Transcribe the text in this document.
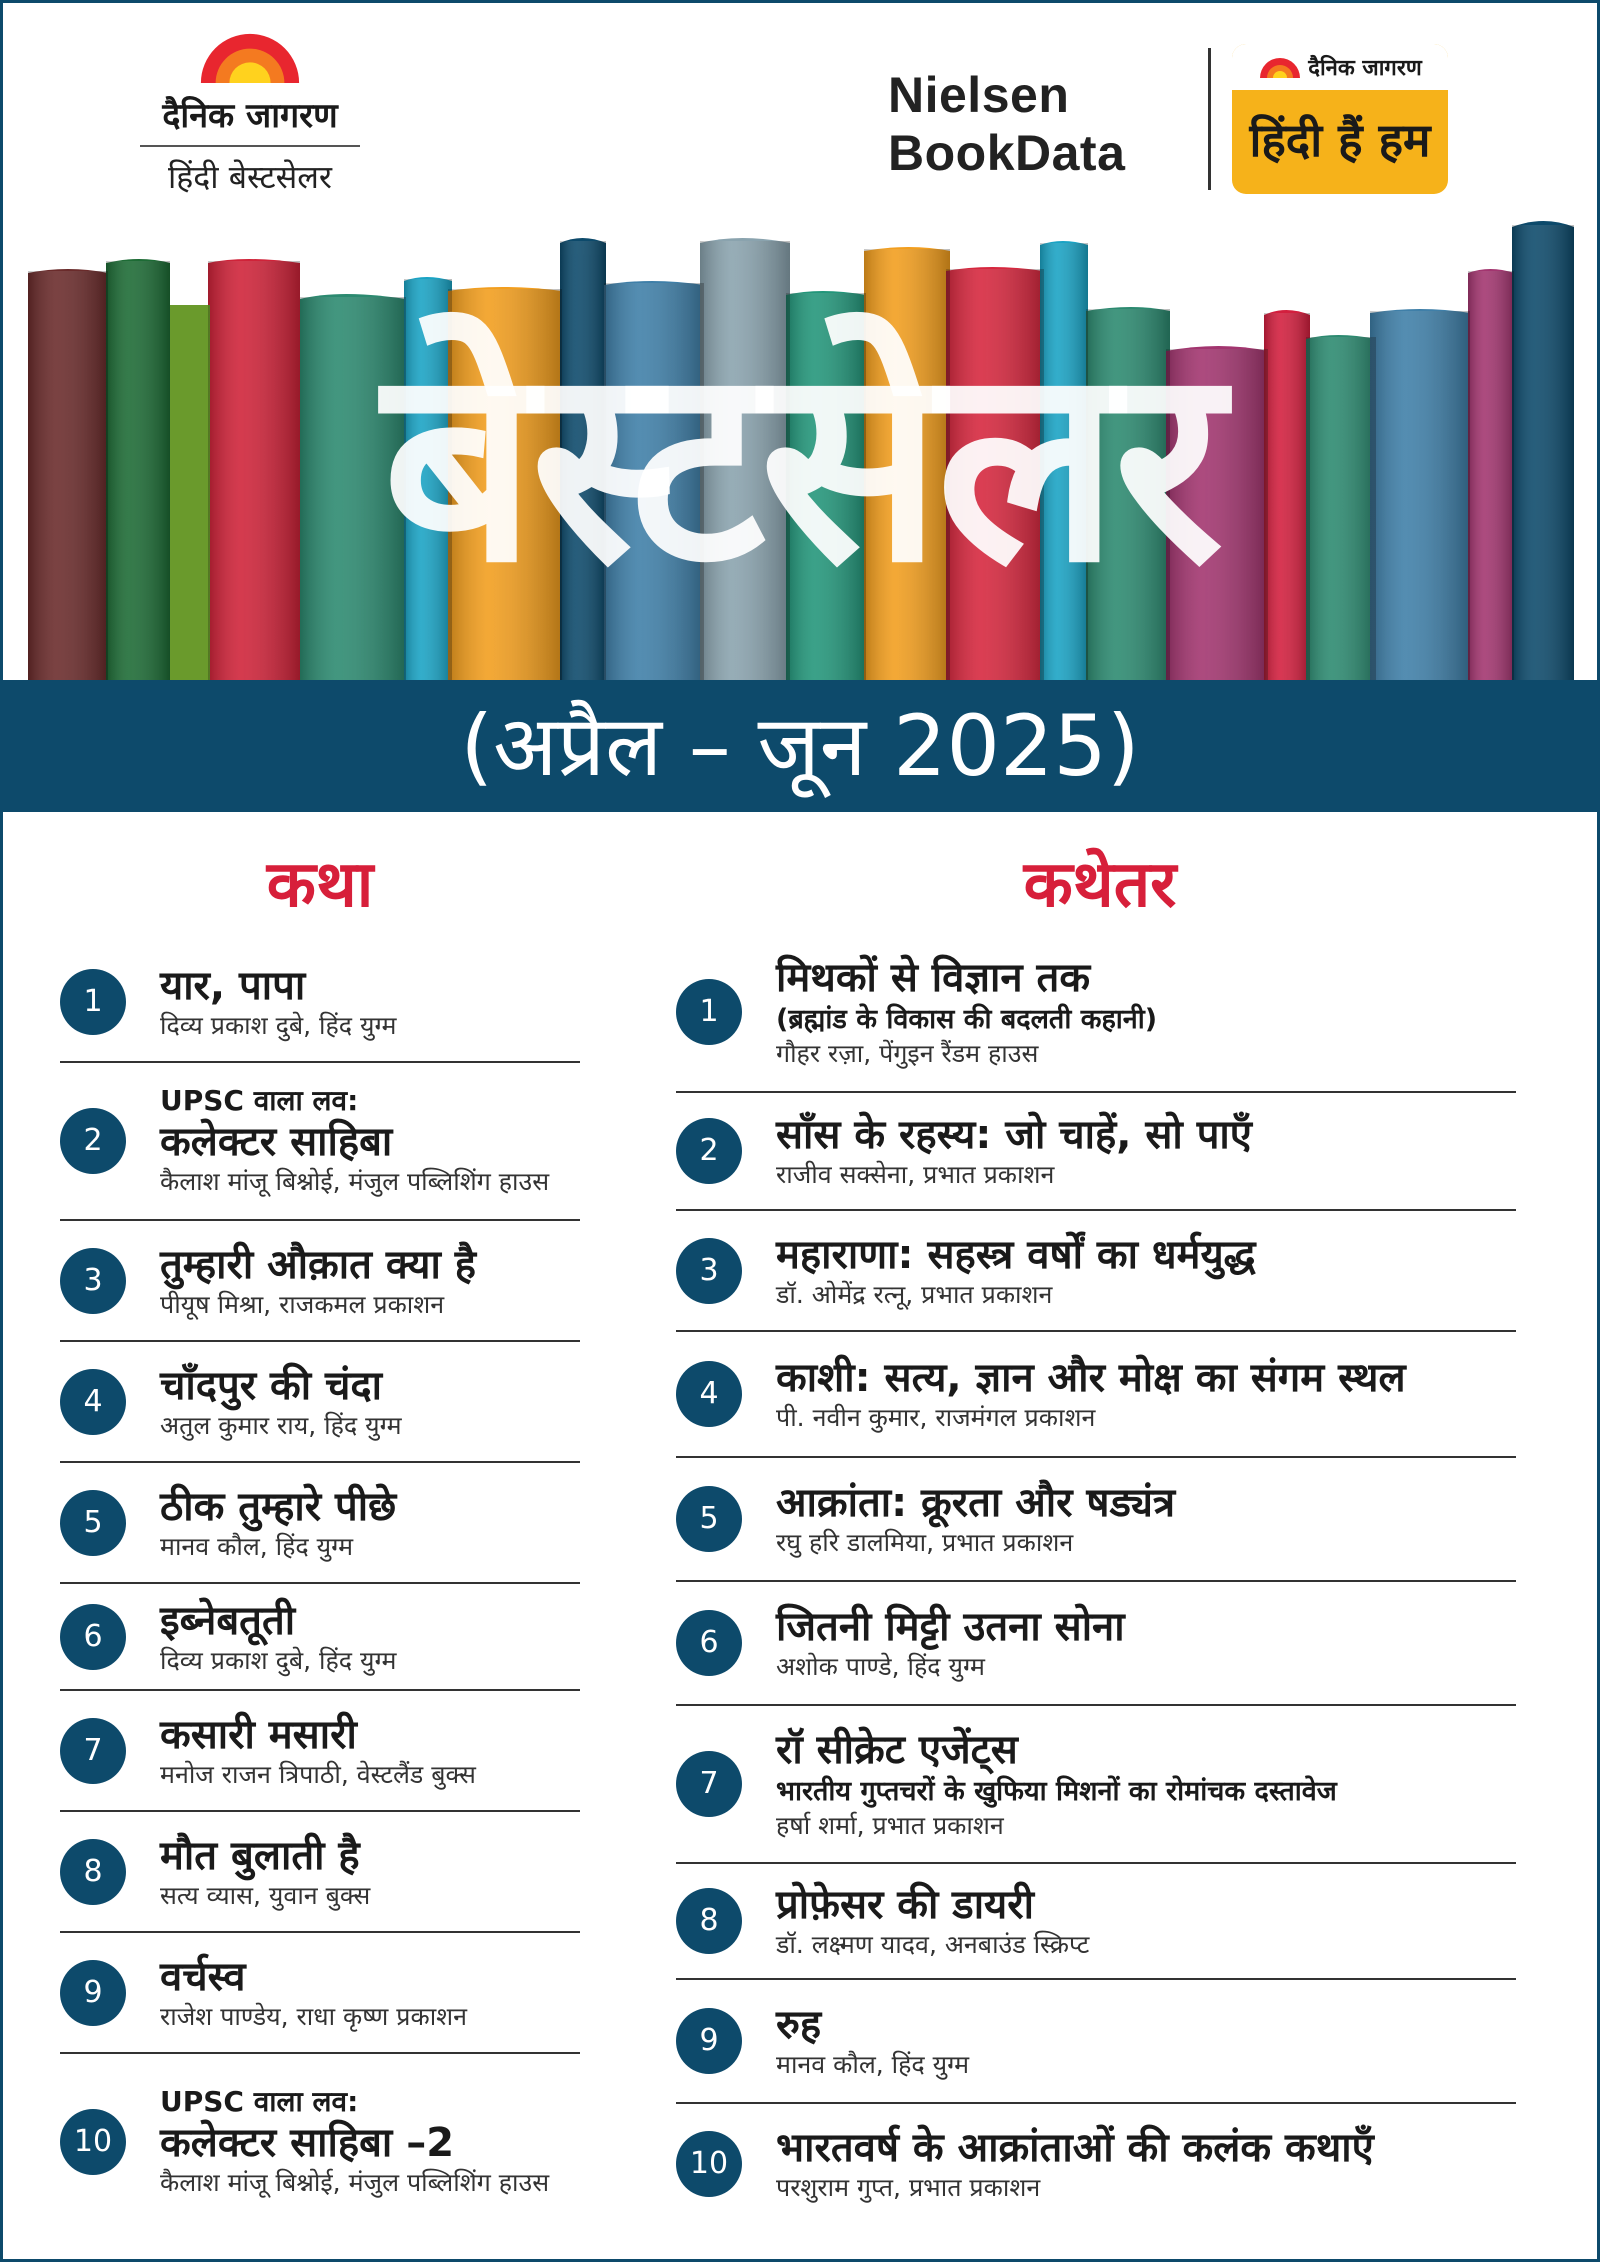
दैनिक जागरण
हिंदी बेस्टसेलर
Nielsen
BookData
दैनिक जागरण
हिंदी हैं हम
बेस्टसेलर
(अप्रैल – जून 2025)
कथा	कथेतर
1	यार, पापा
दिव्य प्रकाश दुबे, हिंद युग्म
2
UPSC वाला लव:
कलेक्टर साहिबा
कैलाश मांजू बिश्नोई, मंजुल पब्लिशिंग हाउस
3	तुम्हारी औक़ात क्या है
पीयूष मिश्रा, राजकमल प्रकाशन
4	चाँदपुर की चंदा
अतुल कुमार राय, हिंद युग्म
5	ठीक तुम्हारे पीछे
मानव कौल, हिंद युग्म
6	इब्नेबतूती
दिव्य प्रकाश दुबे, हिंद युग्म
7	कसारी मसारी
मनोज राजन त्रिपाठी, वेस्टलैंड बुक्स
8	मौत बुलाती है
सत्य व्यास, युवान बुक्स
9	वर्चस्व
राजेश पाण्डेय, राधा कृष्ण प्रकाशन
10
UPSC वाला लव:
कलेक्टर साहिबा –2
कैलाश मांजू बिश्नोई, मंजुल पब्लिशिंग हाउस
1
मिथकों से विज्ञान तक
(ब्रह्मांड के विकास की बदलती कहानी)
गौहर रज़ा, पेंगुइन रैंडम हाउस
2	साँस के रहस्य: जो चाहें, सो पाएँ
राजीव सक्सेना, प्रभात प्रकाशन
3	महाराणा: सहस्त्र वर्षों का धर्मयुद्ध
डॉ. ओमेंद्र रत्नू, प्रभात प्रकाशन
4	काशी: सत्य, ज्ञान और मोक्ष का संगम स्थल
पी. नवीन कुमार, राजमंगल प्रकाशन
5	आक्रांता: क्रूरता और षड्यंत्र
रघु हरि डालमिया, प्रभात प्रकाशन
6	जितनी मिट्टी उतना सोना
अशोक पाण्डे, हिंद युग्म
7
रॉ सीक्रेट एजेंट्स
भारतीय गुप्तचरों के खुफिया मिशनों का रोमांचक दस्तावेज
हर्षा शर्मा, प्रभात प्रकाशन
8	प्रोफ़ेसर की डायरी
डॉ. लक्ष्मण यादव, अनबाउंड स्क्रिप्ट
9	रुह
मानव कौल, हिंद युग्म
10	भारतवर्ष के आक्रांताओं की कलंक कथाएँ
परशुराम गुप्त, प्रभात प्रकाशन
